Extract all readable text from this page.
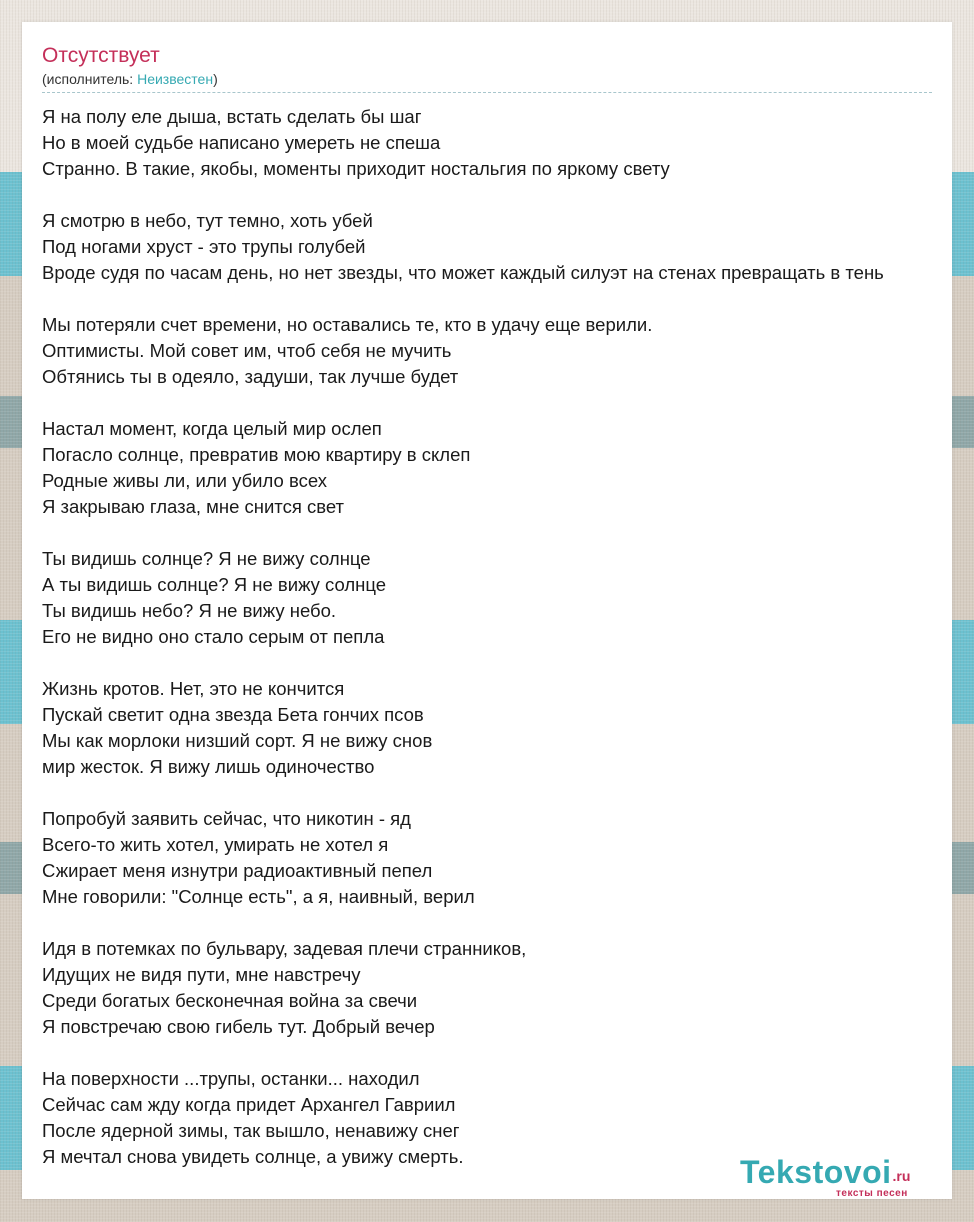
Отсутствует
(исполнитель: Неизвестен)
Я на полу еле дыша, встать сделать бы шаг
Но в моей судьбе написано умереть не спеша
Странно. В такие, якобы, моменты приходит ностальгия по яркому свету
Я смотрю в небо, тут темно, хоть убей
Под ногами хруст - это трупы голубей
Вроде судя по часам день, но нет звезды, что может каждый силуэт на стенах превращать в тень
Мы потеряли счет времени, но оставались те, кто в удачу еще верили.
Оптимисты. Мой совет им, чтоб себя не мучить
Обтянись ты в одеяло, задуши, так лучше будет
Настал момент, когда целый мир ослеп
Погасло солнце, превратив мою квартиру в склеп
Родные живы ли, или убило всех
Я закрываю глаза, мне снится свет
Ты видишь солнце? Я не вижу солнце
А ты видишь солнце? Я не вижу солнце
Ты видишь небо? Я не вижу небо.
Его не видно оно стало серым от пепла
Жизнь кротов. Нет, это не кончится
Пускай светит одна звезда Бета гончих псов
Мы как морлоки низший сорт. Я не вижу снов
мир жесток. Я вижу лишь одиночество
Попробуй заявить сейчас, что никотин - яд
Всего-то жить хотел, умирать не хотел я
Сжирает меня изнутри радиоактивный пепел
Мне говорили: "Солнце есть", а я, наивный, верил
Идя в потемках по бульвару, задевая плечи странников,
Идущих не видя пути, мне навстречу
Среди богатых бесконечная война за свечи
Я повстречаю свою гибель тут. Добрый вечер
На поверхности ...трупы, останки... находил
Сейчас сам жду когда придет Архангел Гавриил
После ядерной зимы, так вышло, ненавижу снег
Я мечтал снова увидеть солнце, а увижу смерть.	Tekstovoi.ru
тексты песен
